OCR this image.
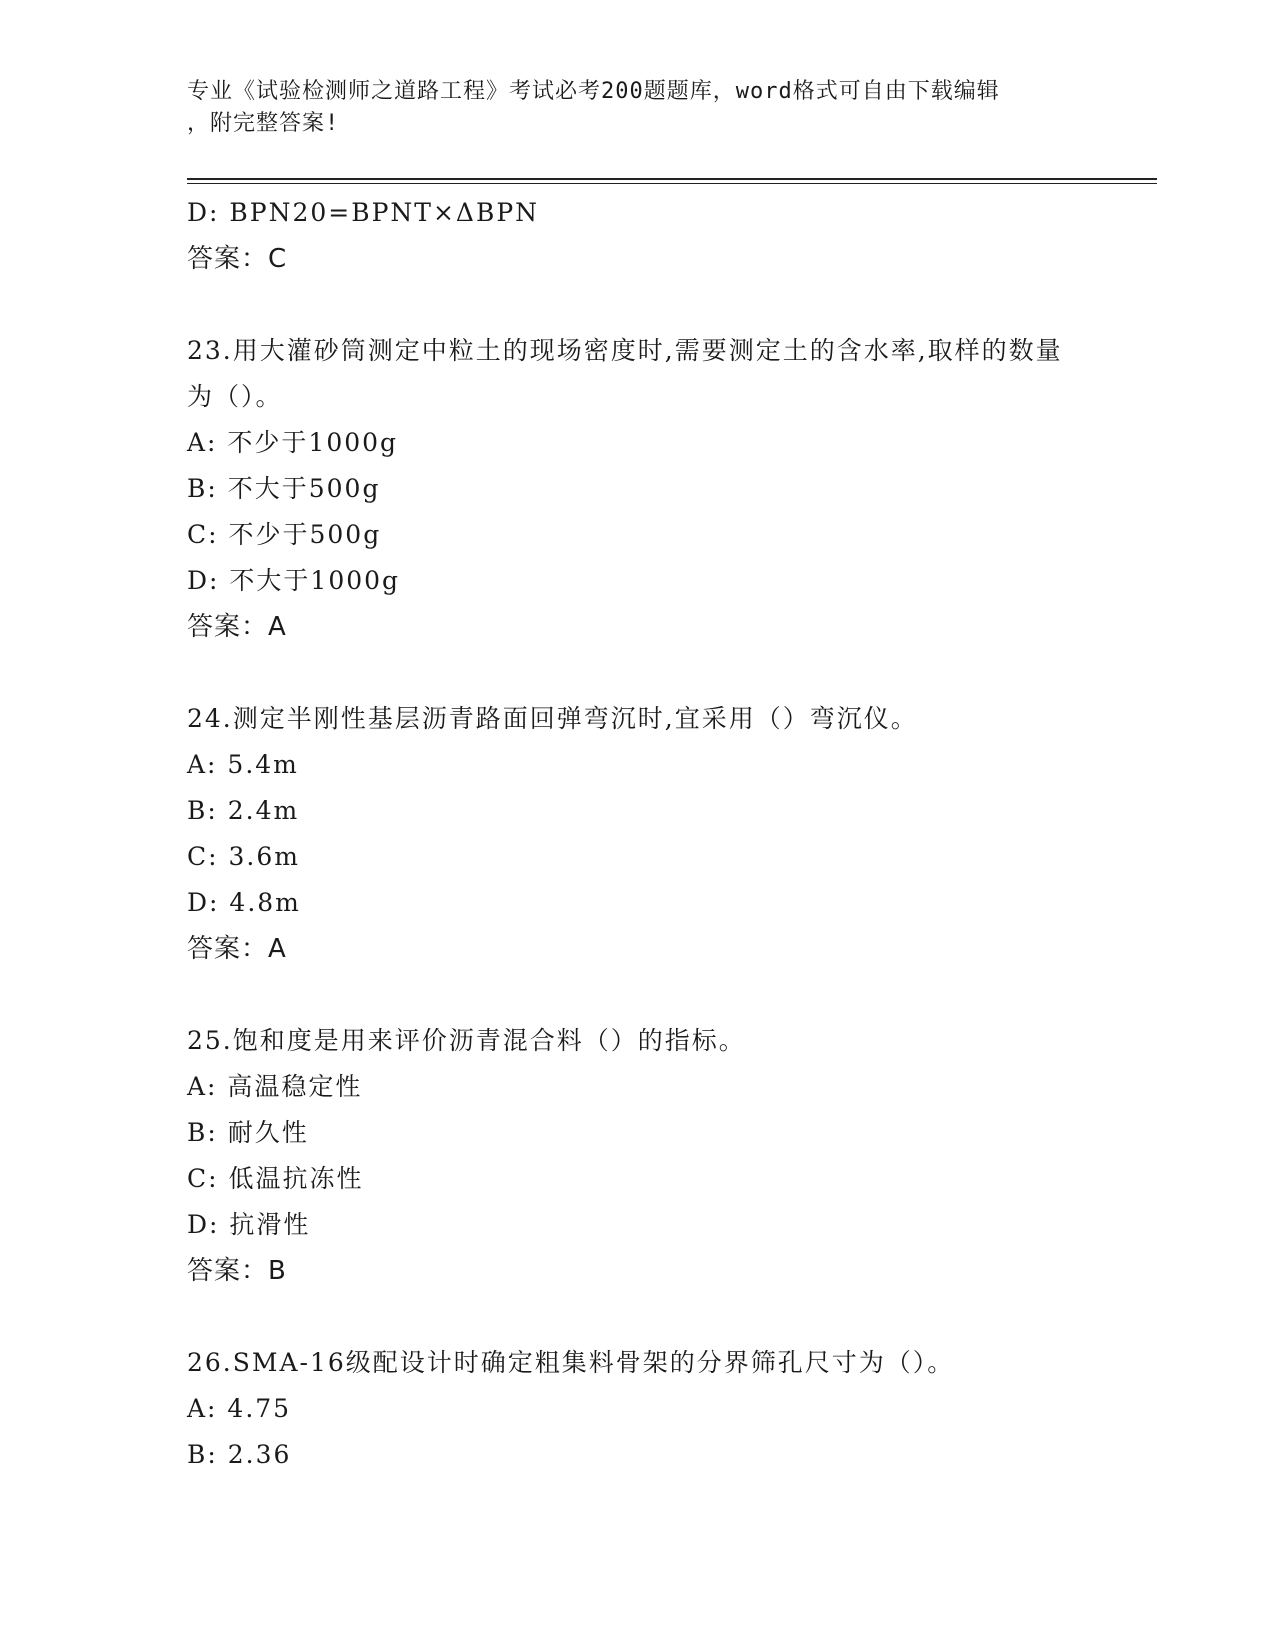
专业《试验检测师之道路工程》考试必考200题题库，word格式可自由下载编辑
，附完整答案!
D: BPN20=BPNT×ΔBPN
答案：C
23.用大灌砂筒测定中粒土的现场密度时,需要测定土的含水率,取样的数量为（）。
A: 不少于1000g
B: 不大于500g
C: 不少于500g
D: 不大于1000g
答案：A
24.测定半刚性基层沥青路面回弹弯沉时,宜采用（）弯沉仪。
A: 5.4m
B: 2.4m
C: 3.6m
D: 4.8m
答案：A
25.饱和度是用来评价沥青混合料（）的指标。
A: 高温稳定性
B: 耐久性
C: 低温抗冻性
D: 抗滑性
答案：B
26.SMA-16级配设计时确定粗集料骨架的分界筛孔尺寸为（）。
A: 4.75
B: 2.36
